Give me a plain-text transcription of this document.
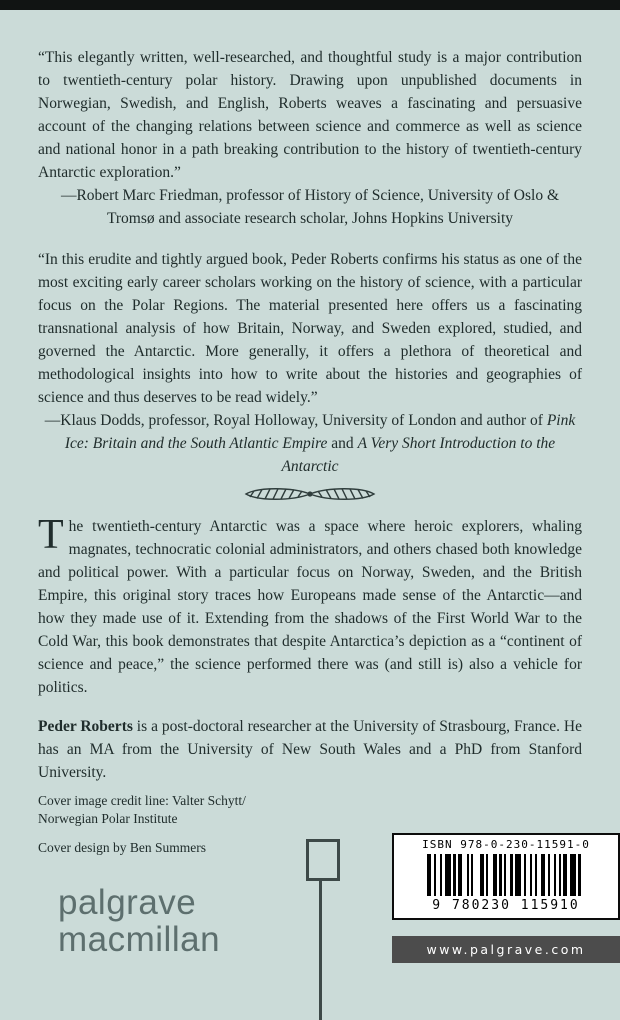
“This elegantly written, well-researched, and thoughtful study is a major contribution to twentieth-century polar history. Drawing upon unpublished documents in Norwegian, Swedish, and English, Roberts weaves a fascinating and persuasive account of the changing relations between science and commerce as well as science and national honor in a path breaking contribution to the history of twentieth-century Antarctic exploration.”

—Robert Marc Friedman, professor of History of Science, University of Oslo & Tromsø and associate research scholar, Johns Hopkins University

“In this erudite and tightly argued book, Peder Roberts confirms his status as one of the most exciting early career scholars working on the history of science, with a particular focus on the Polar Regions. The material presented here offers us a fascinating transnational analysis of how Britain, Norway, and Sweden explored, studied, and governed the Antarctic. More generally, it offers a plethora of theoretical and methodological insights into how to write about the histories and geographies of science and thus deserves to be read widely.”

—Klaus Dodds, professor, Royal Holloway, University of London and author of Pink Ice: Britain and the South Atlantic Empire and A Very Short Introduction to the Antarctic

The twentieth-century Antarctic was a space where heroic explorers, whaling magnates, technocratic colonial administrators, and others chased both knowledge and political power. With a particular focus on Norway, Sweden, and the British Empire, this original story traces how Europeans made sense of the Antarctic—and how they made use of it. Extending from the shadows of the First World War to the Cold War, this book demonstrates that despite Antarctica’s depiction as a “continent of science and peace,” the science performed there was (and still is) also a vehicle for politics.

Peder Roberts is a post-doctoral researcher at the University of Strasbourg, France. He has an MA from the University of New South Wales and a PhD from Stanford University.

Cover image credit line: Valter Schytt/
Norwegian Polar Institute
Cover design by Ben Summers
palgrave
macmillan
ISBN 978-0-230-11591-0
9 780230 115910
www.palgrave.com
